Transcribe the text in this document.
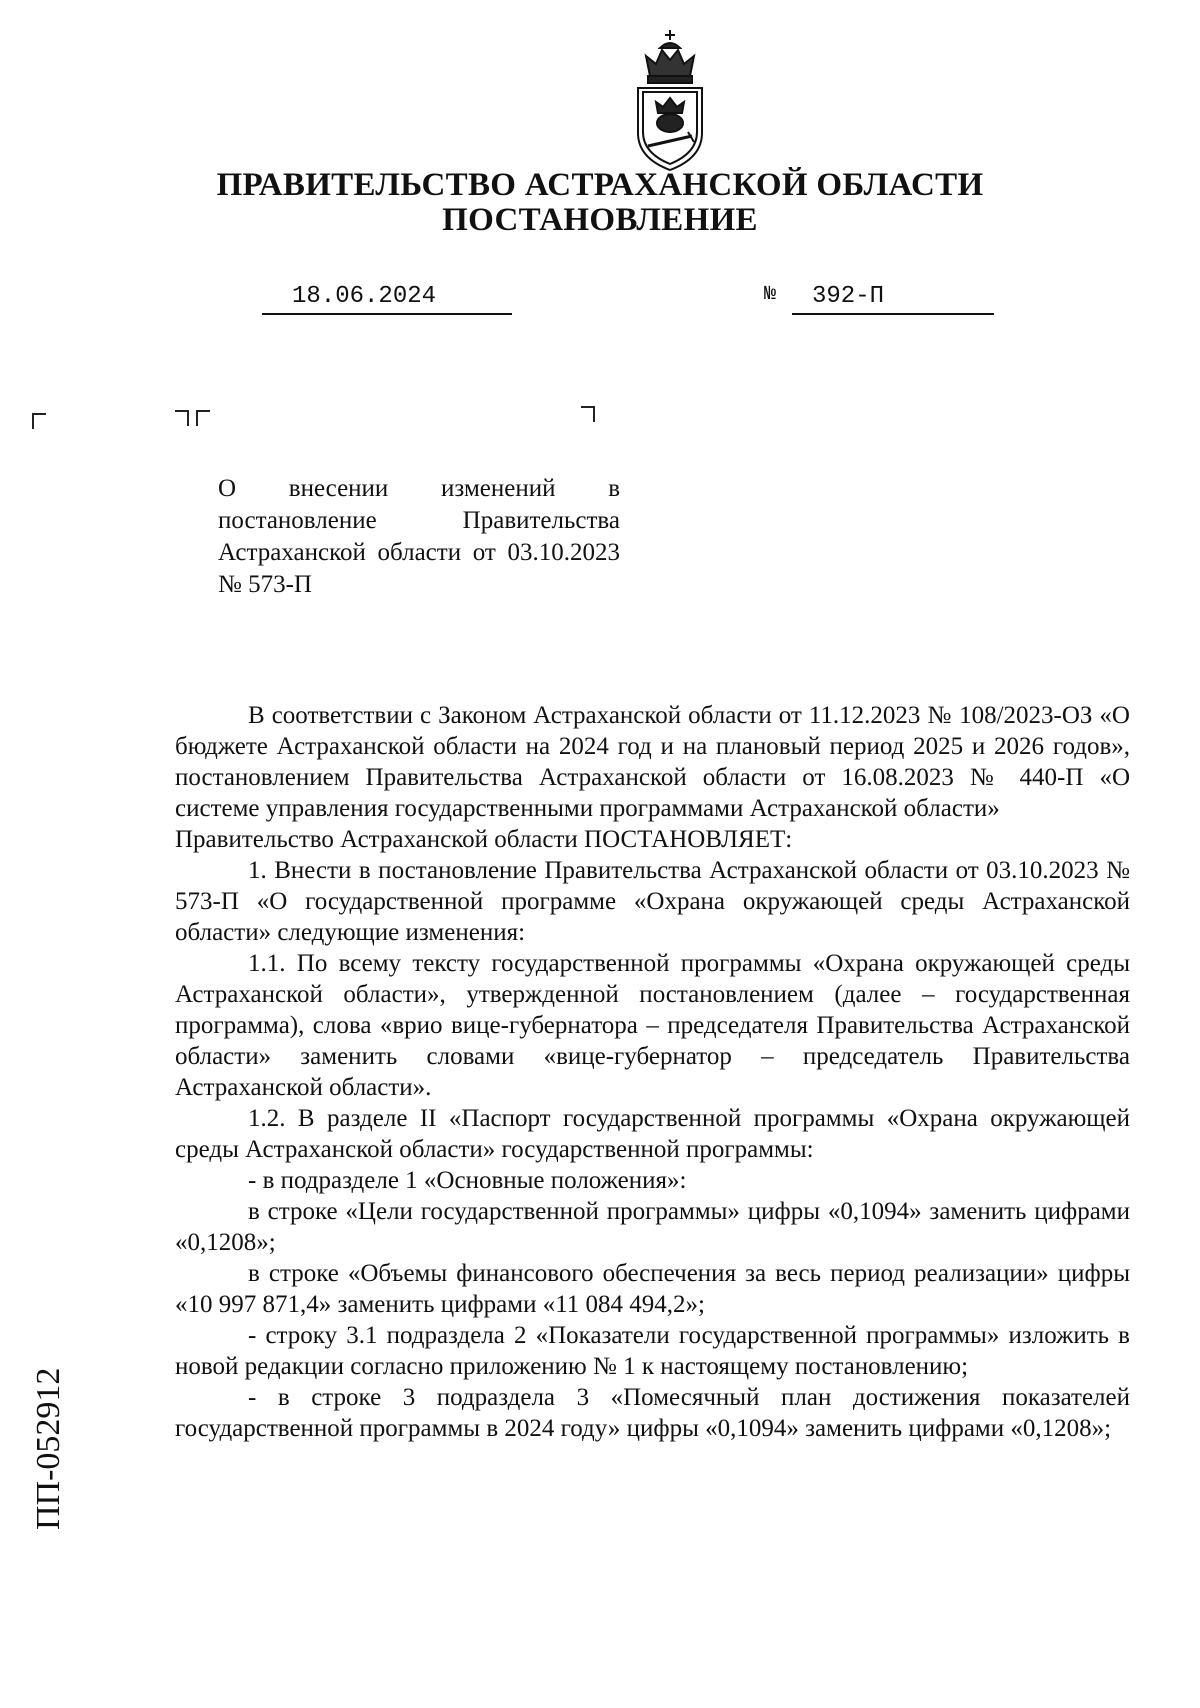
ПРАВИТЕЛЬСТВО АСТРАХАНСКОЙ ОБЛАСТИ
ПОСТАНОВЛЕНИЕ
18.06.2024	№ 392-П
О внесении изменений в постановление Правительства Астраханской области от 03.10.2023 № 573-П

В соответствии с Законом Астраханской области от 11.12.2023 № 108/2023-ОЗ «О бюджете Астраханской области на 2024 год и на плановый период 2025 и 2026 годов», постановлением Правительства Астраханской области от 16.08.2023 № 440-П «О системе управления государственными программами Астраханской области»

Правительство Астраханской области ПОСТАНОВЛЯЕТ:

1. Внести в постановление Правительства Астраханской области от 03.10.2023 № 573-П «О государственной программе «Охрана окружающей среды Астраханской области» следующие изменения:

1.1. По всему тексту государственной программы «Охрана окружающей среды Астраханской области», утвержденной постановлением (далее – государственная программа), слова «врио вице-губернатора – председателя Правительства Астраханской области» заменить словами «вице-губернатор – председатель Правительства Астраханской области».

1.2. В разделе II «Паспорт государственной программы «Охрана окружающей среды Астраханской области» государственной программы:

- в подразделе 1 «Основные положения»:

в строке «Цели государственной программы» цифры «0,1094» заменить цифрами «0,1208»;

в строке «Объемы финансового обеспечения за весь период реализации» цифры «10 997 871,4» заменить цифрами «11 084 494,2»;

- строку 3.1 подраздела 2 «Показатели государственной программы» изложить в новой редакции согласно приложению № 1 к настоящему постановлению;

- в строке 3 подраздела 3 «Помесячный план достижения показателей государственной программы в 2024 году» цифры «0,1094» заменить цифрами «0,1208»;

ПП-052912
